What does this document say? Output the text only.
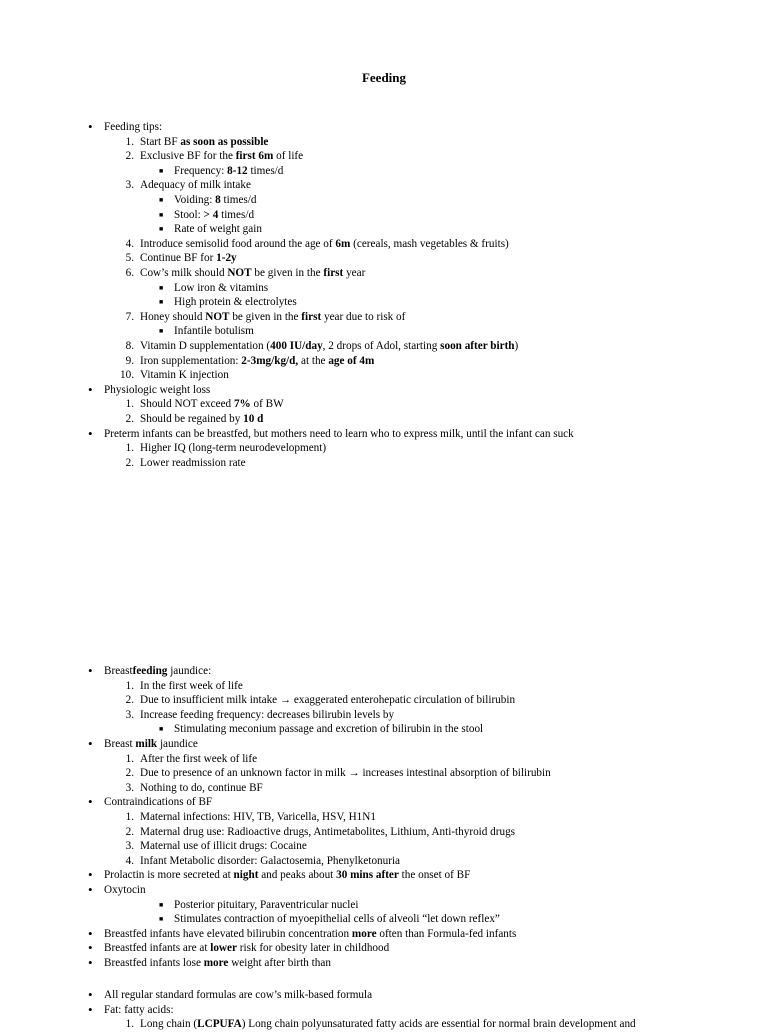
Feeding
• Feeding tips:
1. Start BF as soon as possible
2. Exclusive BF for the first 6m of life
■ Frequency: 8-12 times/d
3. Adequacy of milk intake
■ Voiding: 8 times/d
■ Stool: > 4 times/d
■ Rate of weight gain
4. Introduce semisolid food around the age of 6m (cereals, mash vegetables & fruits)
5. Continue BF for 1-2y
6. Cow’s milk should NOT be given in the first year
■ Low iron & vitamins
■ High protein & electrolytes
7. Honey should NOT be given in the first year due to risk of
■ Infantile botulism
8. Vitamin D supplementation (400 IU/day, 2 drops of Adol, starting soon after birth)
9. Iron supplementation: 2-3mg/kg/d, at the age of 4m
10. Vitamin K injection
• Physiologic weight loss
1. Should NOT exceed 7% of BW
2. Should be regained by 10 d
• Preterm infants can be breastfed, but mothers need to learn who to express milk, until the infant can suck
1. Higher IQ (long-term neurodevelopment)
2. Lower readmission rate
• Breastfeeding jaundice:
1. In the first week of life
2. Due to insufficient milk intake → exaggerated enterohepatic circulation of bilirubin
3. Increase feeding frequency: decreases bilirubin levels by
■ Stimulating meconium passage and excretion of bilirubin in the stool
• Breast milk jaundice
1. After the first week of life
2. Due to presence of an unknown factor in milk → increases intestinal absorption of bilirubin
3. Nothing to do, continue BF
• Contraindications of BF
1. Maternal infections: HIV, TB, Varicella, HSV, H1N1
2. Maternal drug use: Radioactive drugs, Antimetabolites, Lithium, Anti-thyroid drugs
3. Maternal use of illicit drugs: Cocaine
4. Infant Metabolic disorder: Galactosemia, Phenylketonuria
• Prolactin is more secreted at night and peaks about 30 mins after the onset of BF
• Oxytocin
■ Posterior pituitary, Paraventricular nuclei
■ Stimulates contraction of myoepithelial cells of alveoli “let down reflex”
• Breastfed infants have elevated bilirubin concentration more often than Formula-fed infants
• Breastfed infants are at lower risk for obesity later in childhood
• Breastfed infants lose more weight after birth than
• All regular standard formulas are cow’s milk-based formula
• Fat: fatty acids:
1. Long chain (LCPUFA) Long chain polyunsaturated fatty acids are essential for normal brain development and
